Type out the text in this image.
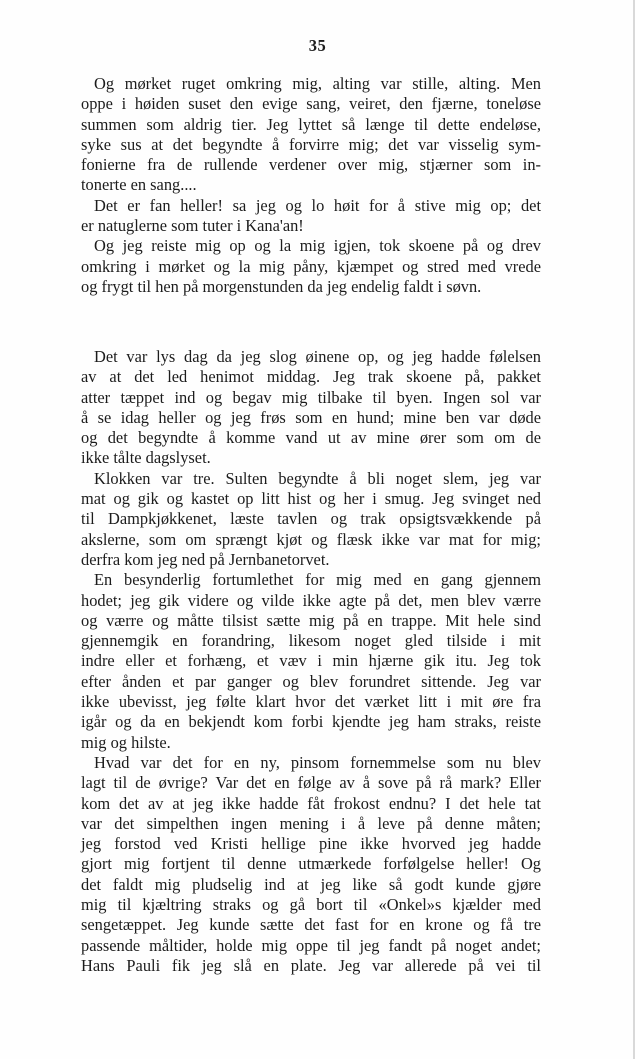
35
Og mørket ruget omkring mig, alting var stille, alting. Men
oppe i høiden suset den evige sang, veiret, den fjærne, toneløse
summen som aldrig tier. Jeg lyttet så længe til dette endeløse,
syke sus at det begyndte å forvirre mig; det var visselig sym-
fonierne fra de rullende verdener over mig, stjærner som in-
tonerte en sang....
Det er fan heller! sa jeg og lo høit for å stive mig op; det
er natuglerne som tuter i Kana'an!
Og jeg reiste mig op og la mig igjen, tok skoene på og drev
omkring i mørket og la mig påny, kjæmpet og stred med vrede
og frygt til hen på morgenstunden da jeg endelig faldt i søvn.
Det var lys dag da jeg slog øinene op, og jeg hadde følelsen
av at det led henimot middag. Jeg trak skoene på, pakket
atter tæppet ind og begav mig tilbake til byen. Ingen sol var
å se idag heller og jeg frøs som en hund; mine ben var døde
og det begyndte å komme vand ut av mine ører som om de
ikke tålte dagslyset.
Klokken var tre. Sulten begyndte å bli noget slem, jeg var
mat og gik og kastet op litt hist og her i smug. Jeg svinget ned
til Dampkjøkkenet, læste tavlen og trak opsigtsvækkende på
akslerne, som om sprængt kjøt og flæsk ikke var mat for mig;
derfra kom jeg ned på Jernbanetorvet.
En besynderlig fortumlethet for mig med en gang gjennem
hodet; jeg gik videre og vilde ikke agte på det, men blev værre
og værre og måtte tilsist sætte mig på en trappe. Mit hele sind
gjennemgik en forandring, likesom noget gled tilside i mit
indre eller et forhæng, et væv i min hjærne gik itu. Jeg tok
efter ånden et par ganger og blev forundret sittende. Jeg var
ikke ubevisst, jeg følte klart hvor det værket litt i mit øre fra
igår og da en bekjendt kom forbi kjendte jeg ham straks, reiste
mig og hilste.
Hvad var det for en ny, pinsom fornemmelse som nu blev
lagt til de øvrige? Var det en følge av å sove på rå mark? Eller
kom det av at jeg ikke hadde fåt frokost endnu? I det hele tat
var det simpelthen ingen mening i å leve på denne måten;
jeg forstod ved Kristi hellige pine ikke hvorved jeg hadde
gjort mig fortjent til denne utmærkede forfølgelse heller! Og
det faldt mig pludselig ind at jeg like så godt kunde gjøre
mig til kjæltring straks og gå bort til «Onkel»s kjælder med
sengetæppet. Jeg kunde sætte det fast for en krone og få tre
passende måltider, holde mig oppe til jeg fandt på noget andet;
Hans Pauli fik jeg slå en plate. Jeg var allerede på vei til
